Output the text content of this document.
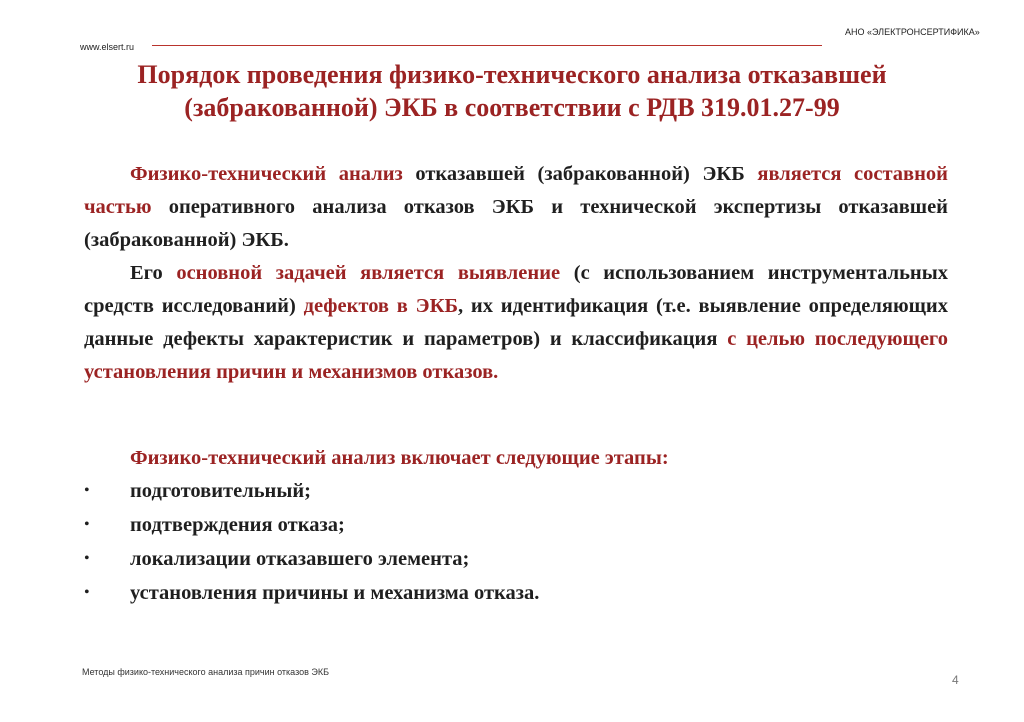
АНО «ЭЛЕКТРОНСЕРТИФИКА»
www.elsert.ru
Порядок проведения физико-технического анализа отказавшей (забракованной) ЭКБ в соответствии с РДВ 319.01.27-99

Физико-технический анализ отказавшей (забракованной) ЭКБ является составной частью оперативного анализа отказов ЭКБ и технической экспертизы отказавшей (забракованной) ЭКБ.

Его основной задачей является выявление (с использованием инструментальных средств исследований) дефектов в ЭКБ, их идентификация (т.е. выявление определяющих данные дефекты характеристик и параметров) и классификация с целью последующего установления причин и механизмов отказов.

Физико-технический анализ включает следующие этапы:
• подготовительный;
• подтверждения отказа;
• локализации отказавшего элемента;
• установления причины и механизма отказа.
Методы физико-технического анализа причин отказов ЭКБ
4
